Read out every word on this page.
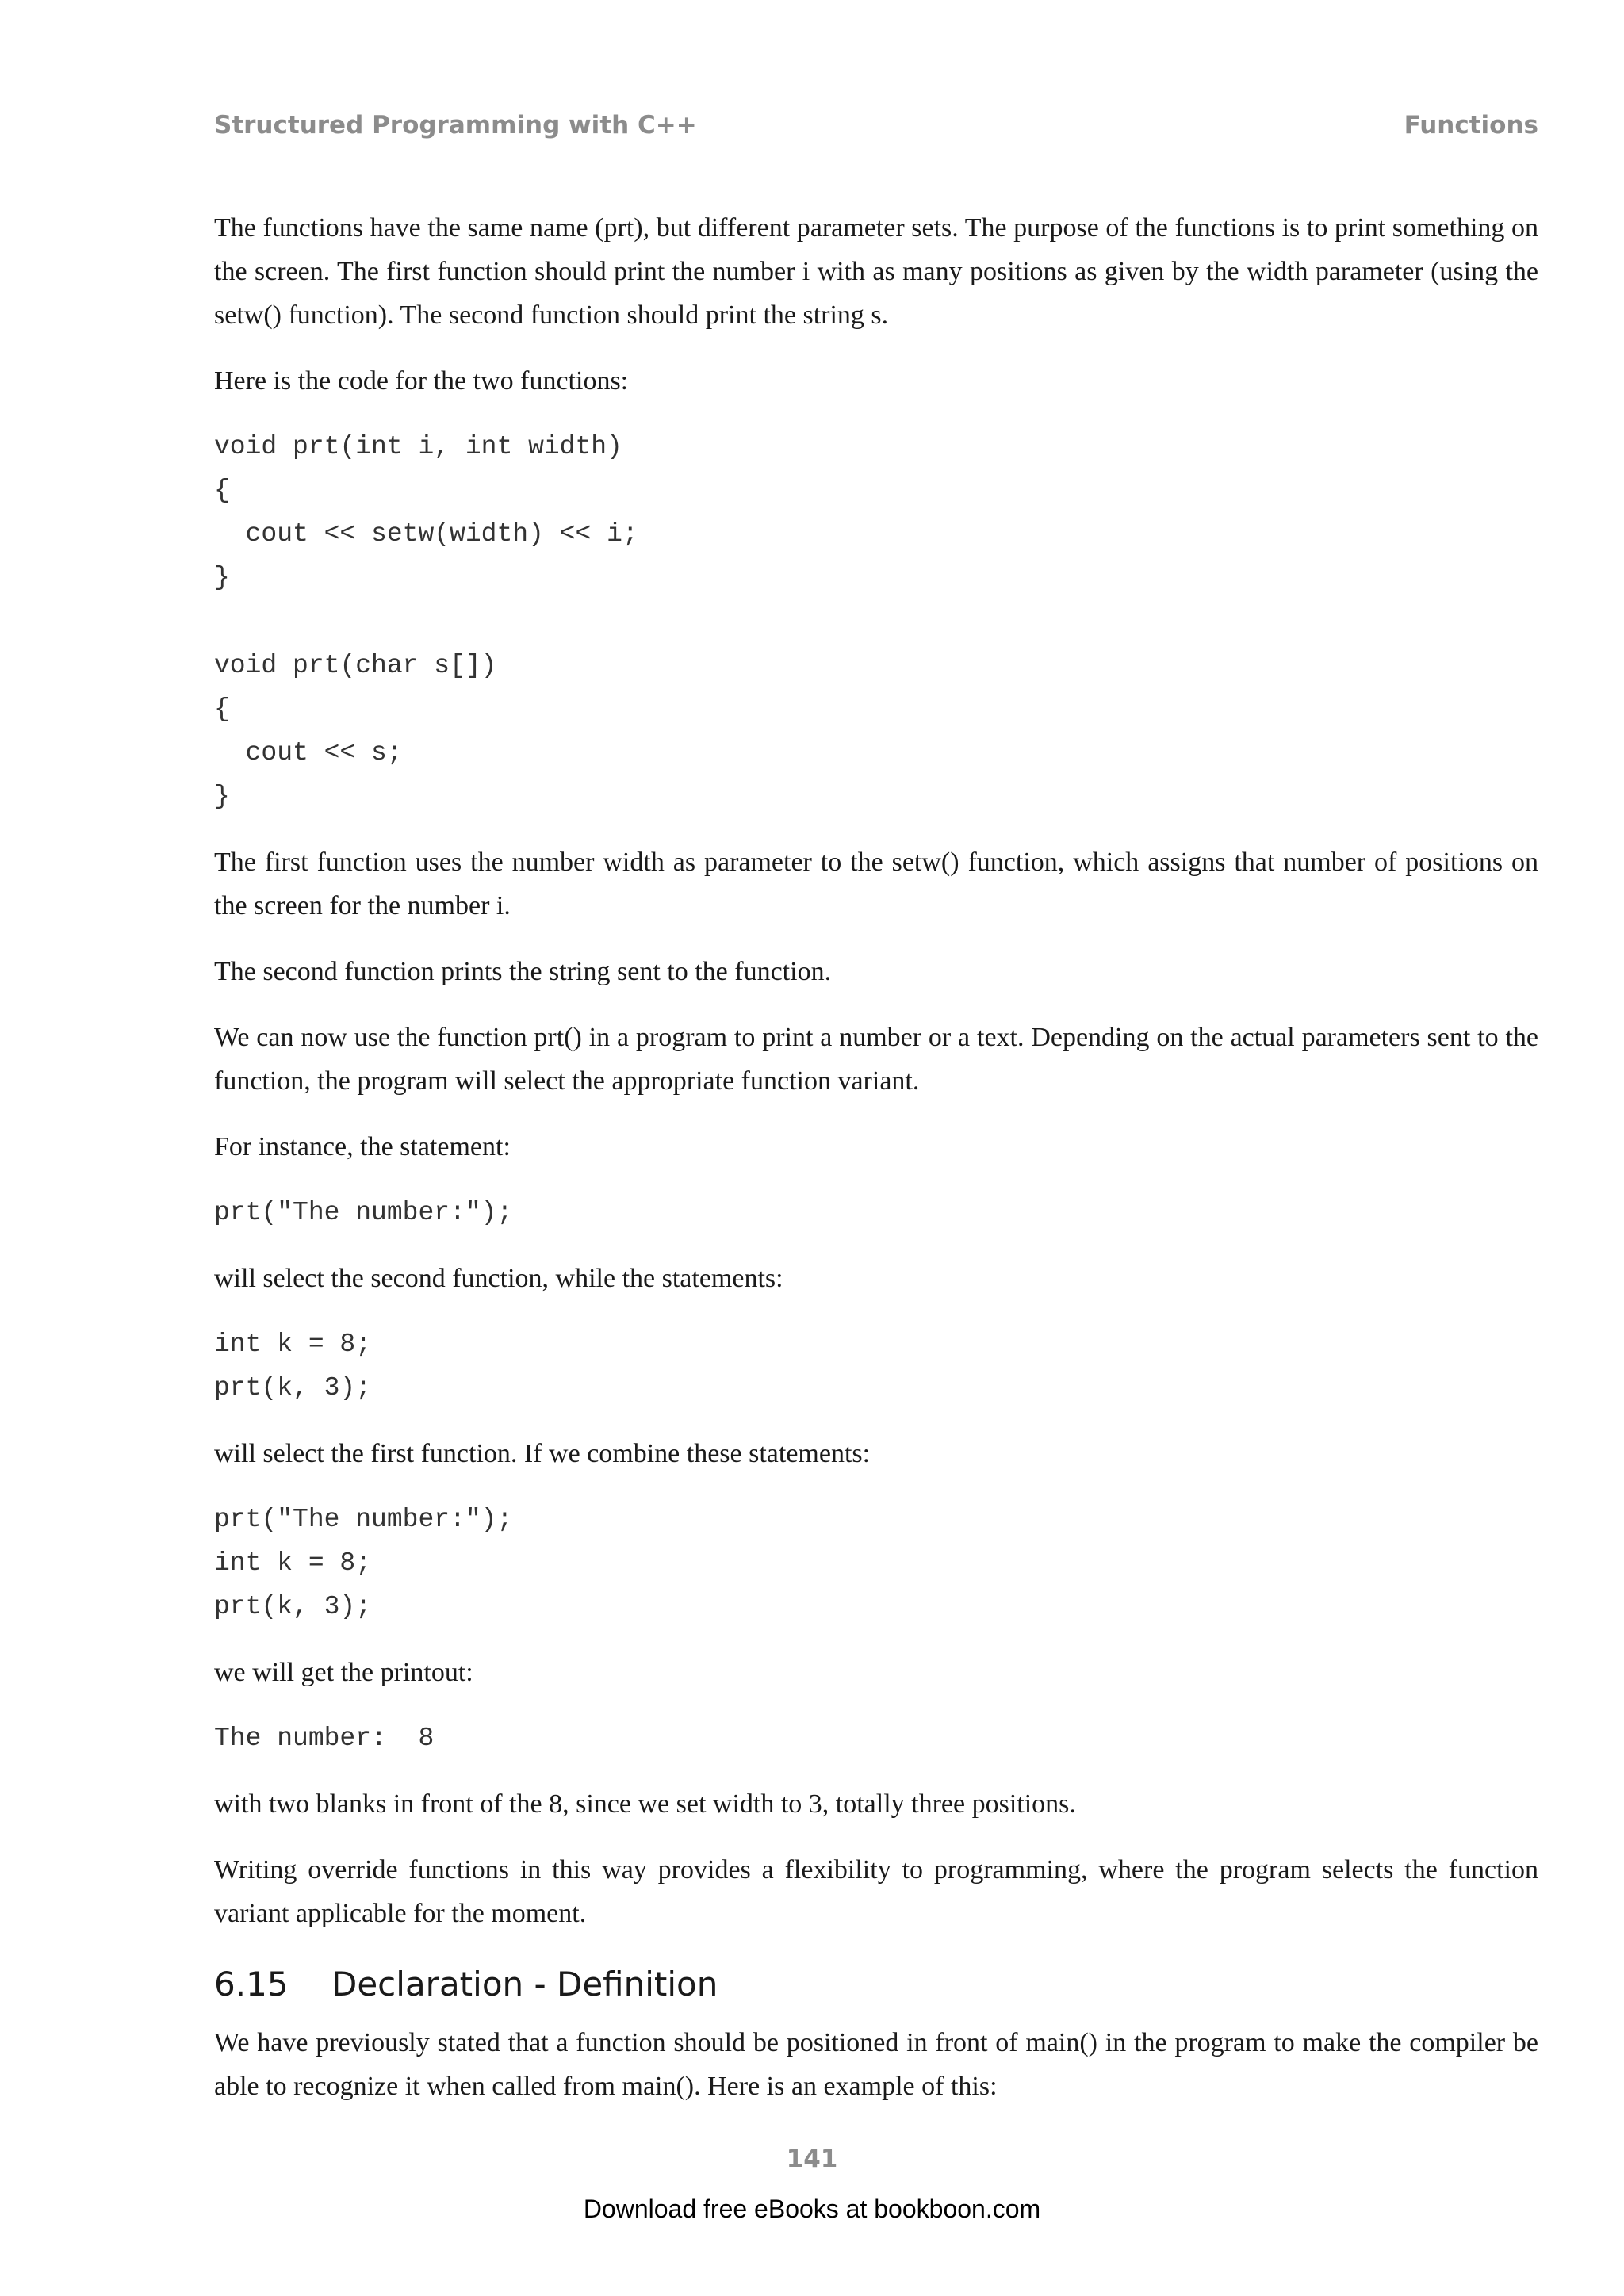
Structured Programming with C++	Functions

The functions have the same name (prt), but different parameter sets. The purpose of the functions is to print something on the screen. The first function should print the number i with as many positions as given by the width parameter (using the setw() function). The second function should print the string s.

Here is the code for the two functions:

void prt(int i, int width)
{
cout << setw(width) << i;
}
void prt(char s[])
{
cout << s;
}

The first function uses the number width as parameter to the setw() function, which assigns that number of positions on the screen for the number i.

The second function prints the string sent to the function.

We can now use the function prt() in a program to print a number or a text. Depending on the actual parameters sent to the function, the program will select the appropriate function variant.

For instance, the statement:

prt("The number:");

will select the second function, while the statements:

int k = 8;
prt(k, 3);

will select the first function. If we combine these statements:

prt("The number:");
int k = 8;
prt(k, 3);

we will get the printout:

The number:  8

with two blanks in front of the 8, since we set width to 3, totally three positions.

Writing override functions in this way provides a flexibility to programming, where the program selects the function variant applicable for the moment.

6.15 Declaration - Definition

We have previously stated that a function should be positioned in front of main() in the program to make the compiler be able to recognize it when called from main(). Here is an example of this:

141
Download free eBooks at bookboon.com
